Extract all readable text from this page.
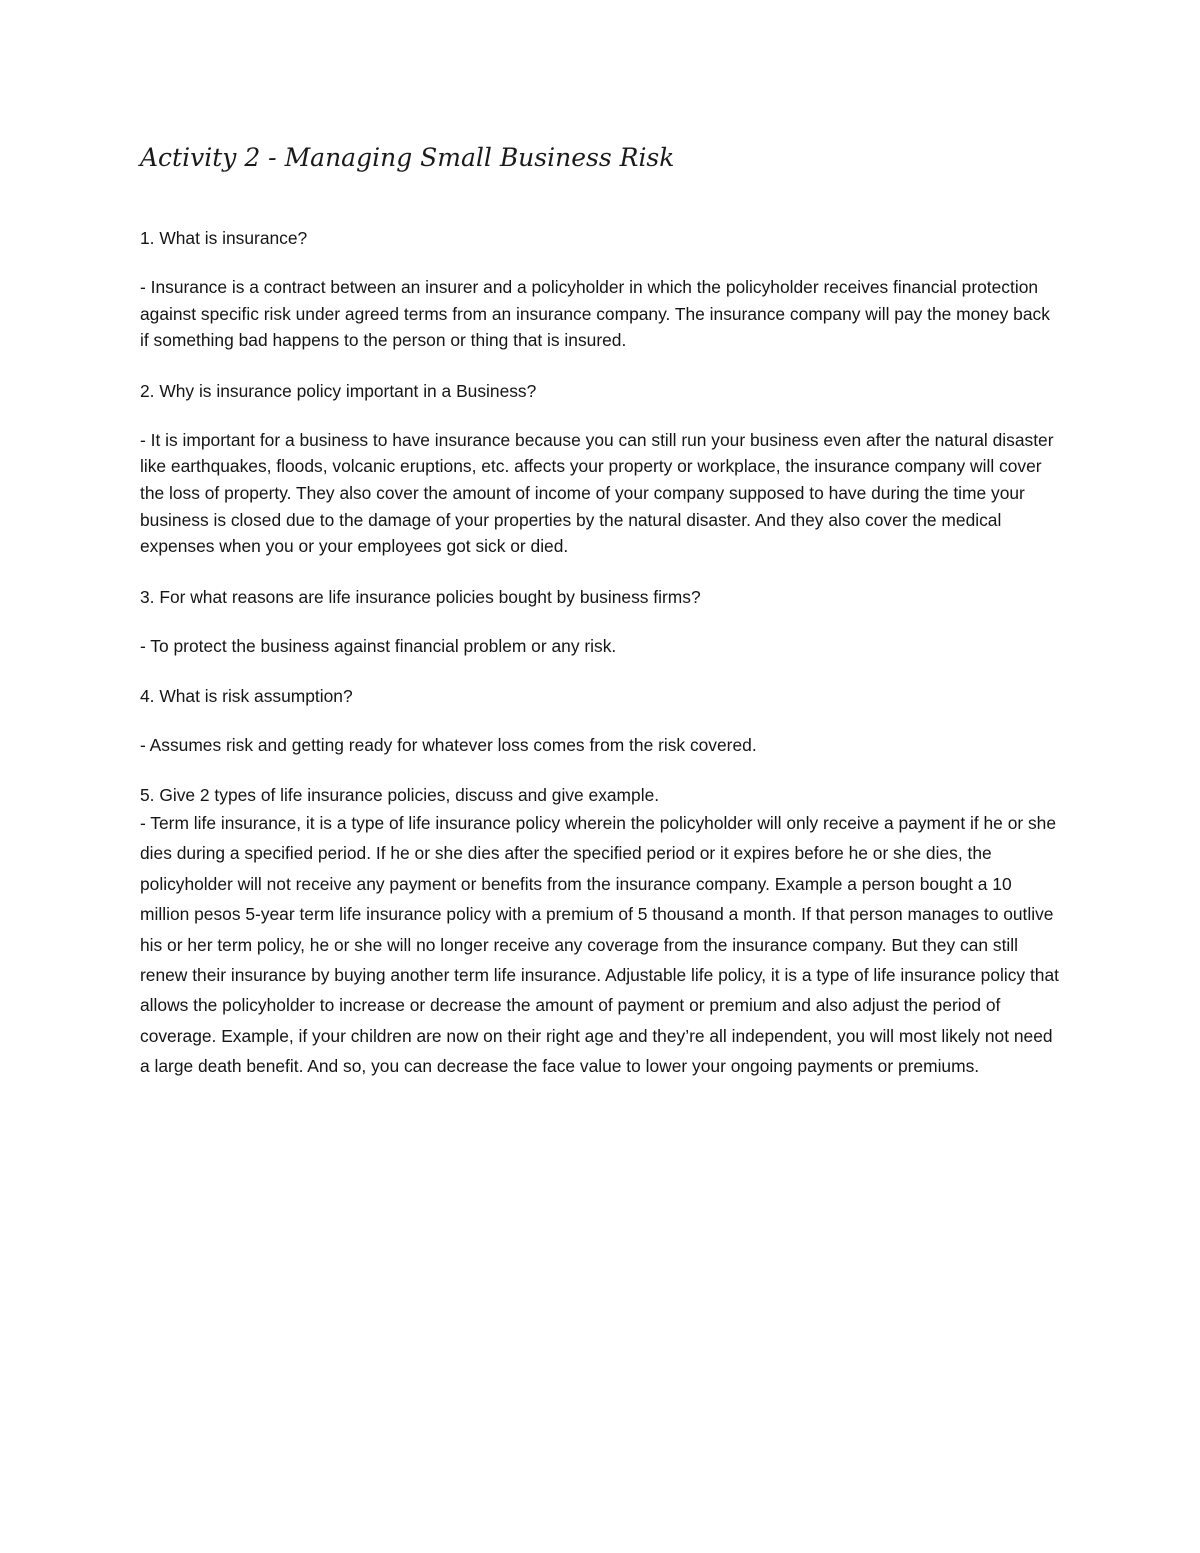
Activity 2 - Managing Small Business Risk

1. What is insurance?

- Insurance is a contract between an insurer and a policyholder in which the policyholder receives financial protection against specific risk under agreed terms from an insurance company. The insurance company will pay the money back if something bad happens to the person or thing that is insured.

2. Why is insurance policy important in a Business?

- It is important for a business to have insurance because you can still run your business even after the natural disaster like earthquakes, floods, volcanic eruptions, etc. affects your property or workplace, the insurance company will cover the loss of property. They also cover the amount of income of your company supposed to have during the time your business is closed due to the damage of your properties by the natural disaster. And they also cover the medical expenses when you or your employees got sick or died.

3. For what reasons are life insurance policies bought by business firms?

- To protect the business against financial problem or any risk.

4. What is risk assumption?

- Assumes risk and getting ready for whatever loss comes from the risk covered.

5. Give 2 types of life insurance policies, discuss and give example.

- Term life insurance, it is a type of life insurance policy wherein the policyholder will only receive a payment if he or she dies during a specified period. If he or she dies after the specified period or it expires before he or she dies, the policyholder will not receive any payment or benefits from the insurance company. Example a person bought a 10 million pesos 5-year term life insurance policy with a premium of 5 thousand a month. If that person manages to outlive his or her term policy, he or she will no longer receive any coverage from the insurance company. But they can still renew their insurance by buying another term life insurance. Adjustable life policy, it is a type of life insurance policy that allows the policyholder to increase or decrease the amount of payment or premium and also adjust the period of coverage. Example, if your children are now on their right age and they’re all independent, you will most likely not need a large death benefit. And so, you can decrease the face value to lower your ongoing payments or premiums.
